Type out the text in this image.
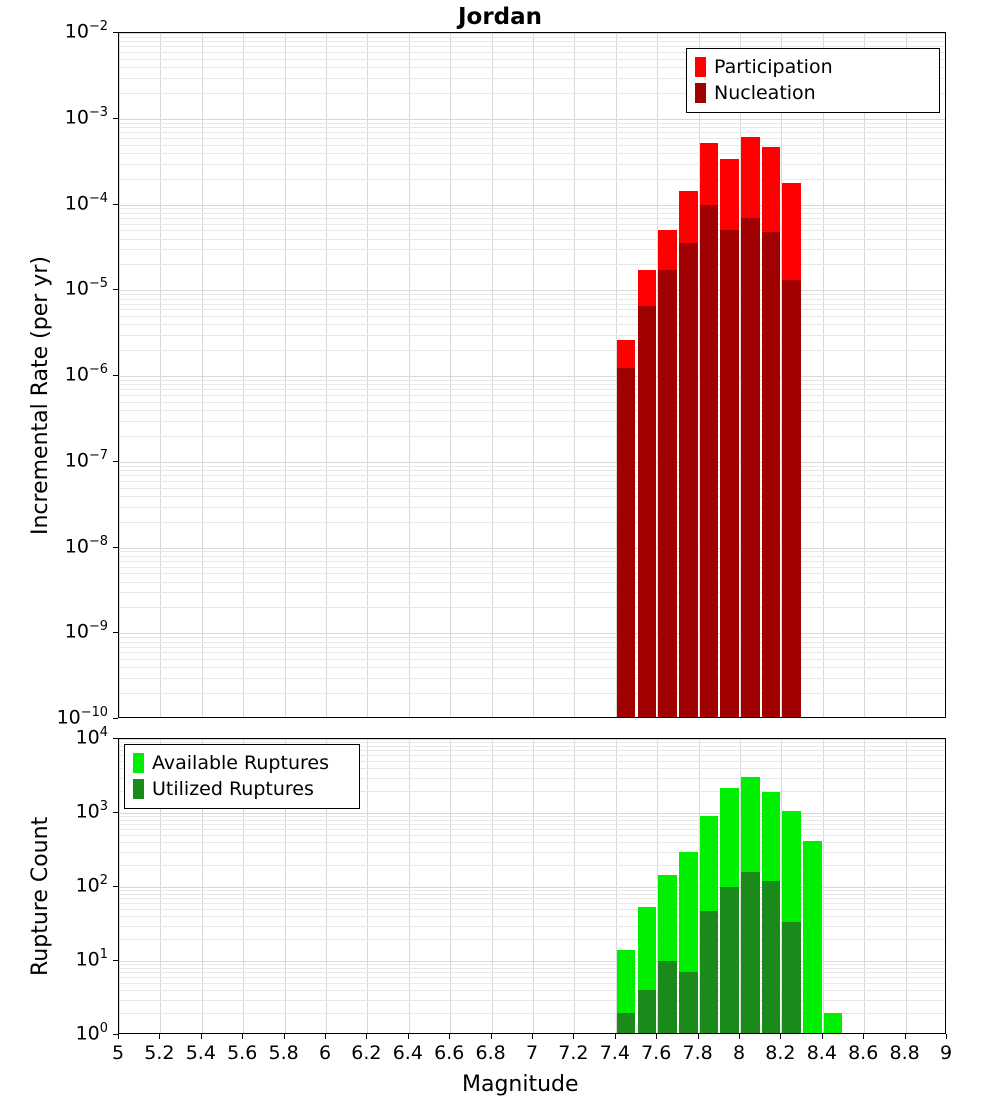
Jordan
Incremental Rate (per yr)
Participation
Nucleation
Rupture Count
Available Ruptures
Utilized Ruptures
Magnitude
5	5.2 5.4 5.6 5.8	6	6.2 6.4 6.6 6.8	7	7.2 7.4 7.6 7.8	8	8.2 8.4 8.6 8.8	9
$10^{-10}$
$10^{-9}$
$10^{-8}$
$10^{-7}$
$10^{-6}$
$10^{-5}$
$10^{-4}$
$10^{-3}$
$10^{-2}$
$10^0$
$10^1$
$10^2$
$10^3$
$10^4$
